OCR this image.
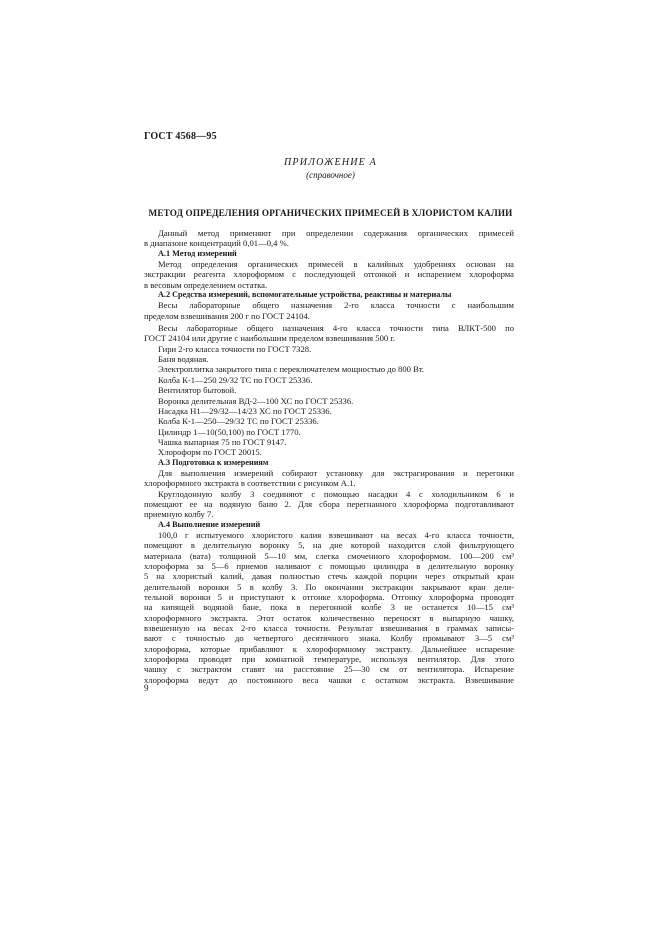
ГОСТ 4568—95
ПРИЛОЖЕНИЕ А
(справочное)
МЕТОД ОПРЕДЕЛЕНИЯ ОРГАНИЧЕСКИХ ПРИМЕСЕЙ В ХЛОРИСТОМ КАЛИИ
Данный метод применяют при определении содержания органических примесей
в диапазоне концентраций 0,01—0,4 %.
А.1 Метод измерений
Метод определения органических примесей в калийных удобрениях основан на
экстракции реагента хлороформом с последующей отгонкой и испарением хлороформа
в весовым определением остатка.
А.2 Средства измерений, вспомогательные устройства, реактивы и материалы
Весы лабораторные общего назначения 2-го класса точности с наибольшим
пределом взвешивания 200 г по ГОСТ 24104.
Весы лабораторные общего назначения 4-го класса точности типа ВЛКТ-500 по
ГОСТ 24104 или другие с наибольшим пределом взвешивания 500 г.
Гири 2-го класса точности по ГОСТ 7328.
Баня водяная.
Электроплитка закрытого типа с переключателем мощностью до 800 Вт.
Колба К-1—250 29/32 ТС по ГОСТ 25336.
Вентилятор бытовой.
Воронка делительная ВД-2—100 ХС по ГОСТ 25336.
Насадка Н1—29/32—14/23 ХС по ГОСТ 25336.
Колба К-1—250—29/32 ТС по ГОСТ 25336.
Цилиндр 1—10(50,100) по ГОСТ 1770.
Чашка выпарная 75 по ГОСТ 9147.
Хлороформ по ГОСТ 20015.
А.3 Подготовка к измерениям
Для выполнения измерений собирают установку для экстрагирования и перегонки
хлороформного экстракта в соответствии с рисунком А.1.
Круглодонную колбу 3 соединяют с помощью насадки 4 с холодильником 6 и
помещают ее на водяную баню 2. Для сбора перегнанного хлороформа подготавливают
приемную колбу 7.
А.4 Выполнение измерений
100,0 г испытуемого хлористого калия взвешивают на весах 4-го класса точности,
помещают в делительную воронку 5, на дне которой находится слой фильтрующего
материала (вата) толщиной 5—10 мм, слегка смоченного хлороформом. 100—200 см³
хлороформа за 5—6 приемов наливают с помощью цилиндра в делительную воронку
5 на хлористый калий, давая полностью стечь каждой порции через открытый кран
делительной воронки 5 в колбу 3. По окончании экстракции закрывают кран дели-
тельной воронки 5 и приступают к отгонке хлороформа. Отгонку хлороформа проводят
на кипящей водяной бане, пока в перегонной колбе 3 не останется 10—15 см³
хлороформного экстракта. Этот остаток количественно переносят в выпарную чашку,
взвешенную на весах 2-го класса точности. Результат взвешивания в граммах записы-
вают с точностью до четвертого десятичного знака. Колбу промывают 3—5 см³
хлороформа, которые прибавляют к хлороформному экстракту. Дальнейшее испарение
хлороформа проводят при комнатной температуре, используя вентилятор. Для этого
чашку с экстрактом ставят на расстояние 25—30 см от вентилятора. Испарение
хлороформа ведут до постоянного веса чашки с остатком экстракта. Взвешивание
9
